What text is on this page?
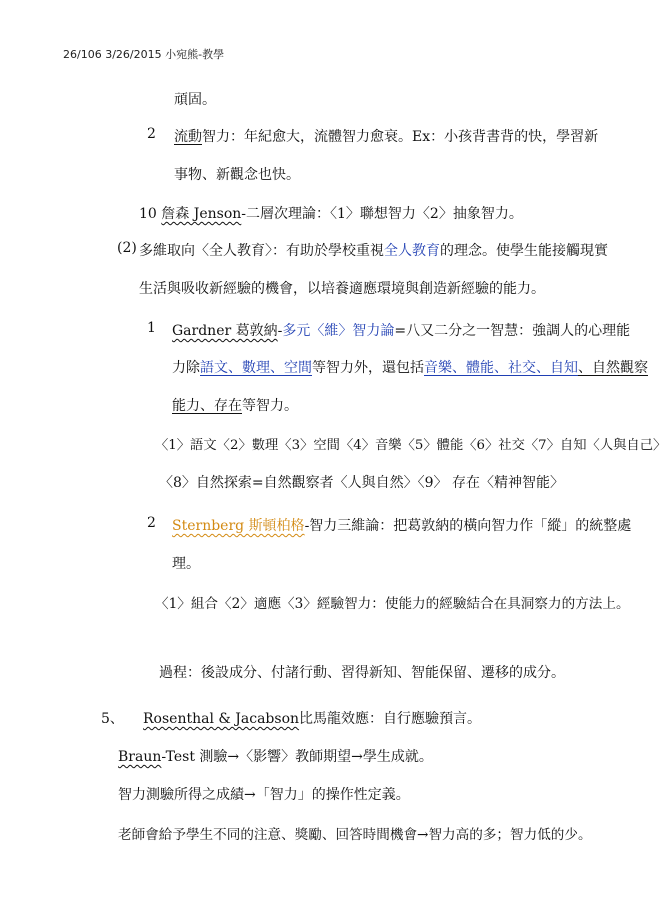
26/106 3/26/2015 小宛熊-教學
頑固。
2 流動智力：年紀愈大，流體智力愈衰。Ex：小孩背書背的快，學習新
事物、新觀念也快。
10 詹森 Jenson-二層次理論：〈1〉聯想智力〈2〉抽象智力。
(2) 多維取向〈全人教育〉：有助於學校重視全人教育的理念。使學生能接觸現實
生活與吸收新經驗的機會，以培養適應環境與創造新經驗的能力。
1 Gardner 葛敦納-多元〈維〉智力論=八又二分之一智慧：強調人的心理能
力除語文、數理、空間等智力外，還包括音樂、體能、社交、自知、自然觀察
能力、存在等智力。
〈1〉語文〈2〉數理〈3〉空間〈4〉音樂〈5〉體能〈6〉社交〈7〉自知〈人與自己〉
〈8〉自然探索=自然觀察者〈人與自然〉〈9〉 存在〈精神智能〉
2 Sternberg 斯頓柏格-智力三維論：把葛敦納的橫向智力作「縱」的統整處
理。
〈1〉組合〈2〉適應〈3〉經驗智力：使能力的經驗結合在具洞察力的方法上。
過程：後設成分、付諸行動、習得新知、智能保留、遷移的成分。
5、 Rosenthal & Jacabson比馬龍效應：自行應驗預言。
Braun-Test 測驗→〈影響〉教師期望→學生成就。
智力測驗所得之成績→「智力」的操作性定義。
老師會給予學生不同的注意、獎勵、回答時間機會→智力高的多；智力低的少。
